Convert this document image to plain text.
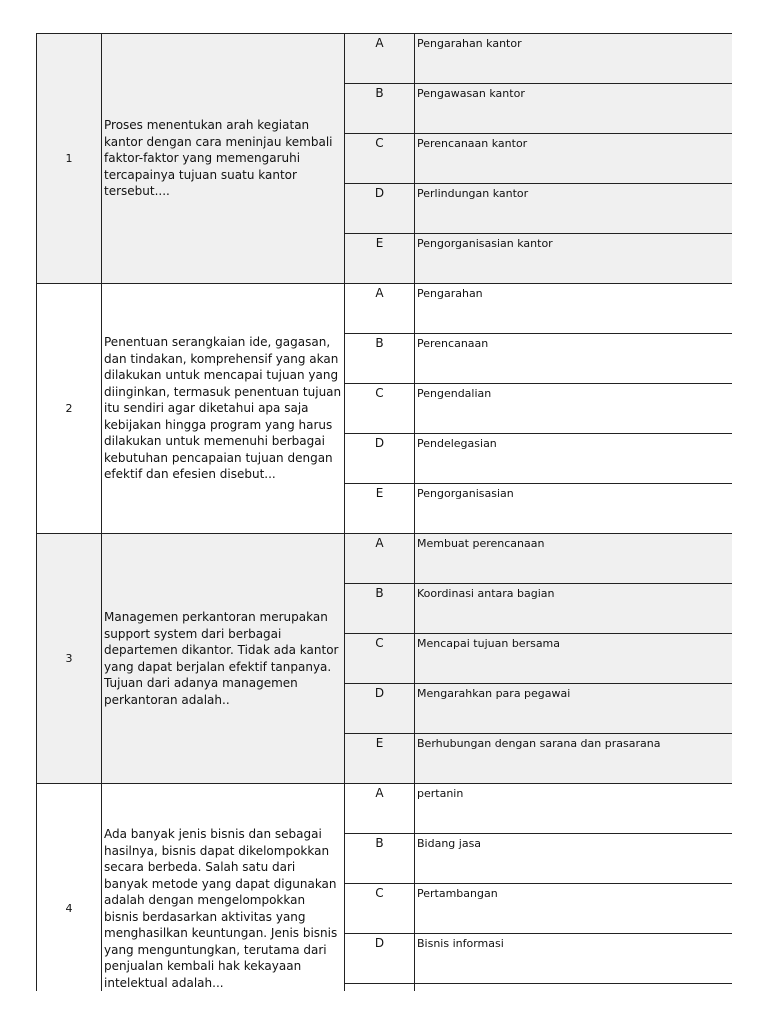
1	Proses menentukan arah kegiatan kantor dengan cara meninjau kembali faktor-faktor yang memengaruhi tercapainya tujuan suatu kantor tersebut....	A	Pengarahan kantor
		B	Pengawasan kantor
		C	Perencanaan kantor
		D	Perlindungan kantor
		E	Pengorganisasian kantor
2	Penentuan serangkaian ide, gagasan, dan tindakan, komprehensif yang akan dilakukan untuk mencapai tujuan yang diinginkan, termasuk penentuan tujuan itu sendiri agar diketahui apa saja kebijakan hingga program yang harus dilakukan untuk memenuhi berbagai kebutuhan pencapaian tujuan dengan efektif dan efesien disebut...	A	Pengarahan
		B	Perencanaan
		C	Pengendalian
		D	Pendelegasian
		E	Pengorganisasian
3	Managemen perkantoran merupakan support system dari berbagai departemen dikantor. Tidak ada kantor yang dapat berjalan efektif tanpanya. Tujuan dari adanya managemen perkantoran adalah..	A	Membuat perencanaan
		B	Koordinasi antara bagian
		C	Mencapai tujuan bersama
		D	Mengarahkan para pegawai
		E	Berhubungan dengan sarana dan prasarana
4	Ada banyak jenis bisnis dan sebagai hasilnya, bisnis dapat dikelompokkan secara berbeda. Salah satu dari banyak metode yang dapat digunakan adalah dengan mengelompokkan bisnis berdasarkan aktivitas yang menghasilkan keuntungan. Jenis bisnis yang menguntungkan, terutama dari penjualan kembali hak kekayaan intelektual adalah...	A	pertanin
		B	Bidang jasa
		C	Pertambangan
		D	Bisnis informasi
